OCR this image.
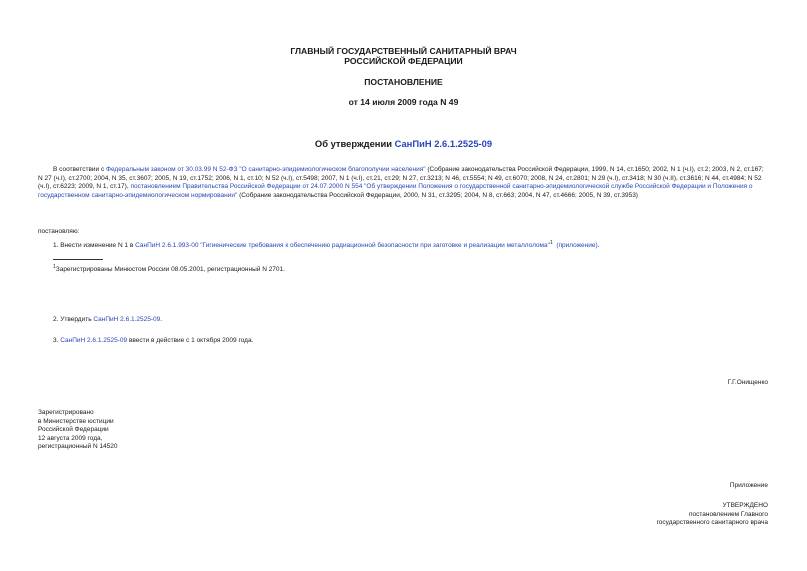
ГЛАВНЫЙ ГОСУДАРСТВЕННЫЙ САНИТАРНЫЙ ВРАЧ
РОССИЙСКОЙ ФЕДЕРАЦИИ
ПОСТАНОВЛЕНИЕ
от 14 июля 2009 года N 49
Об утверждении СанПиН 2.6.1.2525-09
В соответствии с Федеральным законом от 30.03.99 N 52-ФЗ "О санитарно-эпидемиологическом благополучии населения" (Собрание законодательства Российской Федерации, 1999, N 14, ст.1650; 2002, N 1 (ч.I), ст.2; 2003, N 2, ст.167; N 27 (ч.I), ст.2700; 2004, N 35, ст.3607; 2005, N 19, ст.1752; 2006, N 1, ст.10; N 52 (ч.I), ст.5498; 2007, N 1 (ч.I), ст.21, ст.29; N 27, ст.3213; N 46, ст.5554; N 49, ст.6070; 2008, N 24, ст.2801; N 29 (ч.I), ст.3418; N 30 (ч.II), ст.3616; N 44, ст.4984; N 52 (ч.I), ст.6223; 2009, N 1, ст.17), постановлением Правительства Российской Федерации от 24.07.2000 N 554 "Об утверждении Положения о государственной санитарно-эпидемиологической службе Российской Федерации и Положения о государственном санитарно-эпидемиологическом нормировании" (Собрание законодательства Российской Федерации, 2000, N 31, ст.3295; 2004, N 8, ст.663; 2004, N 47, ст.4666; 2005, N 39, ст.3953)
постановляю:
1. Внести изменение N 1 в СанПиН 2.6.1.993-00 "Гигиенические требования к обеспечению радиационной безопасности при заготовке и реализации металлолома"$^1$ (приложение).
$^1$Зарегистрированы Минюстом России 08.05.2001, регистрационный N 2701.
2. Утвердить СанПиН 2.6.1.2525-09.
3. СанПиН 2.6.1.2525-09 ввести в действие с 1 октября 2009 года.
Г.Г.Онищенко
Зарегистрировано
в Министерстве юстиции
Российской Федерации
12 августа 2009 года,
регистрационный N 14520
Приложение
УТВЕРЖДЕНО
постановлением Главного
государственного санитарного врача
